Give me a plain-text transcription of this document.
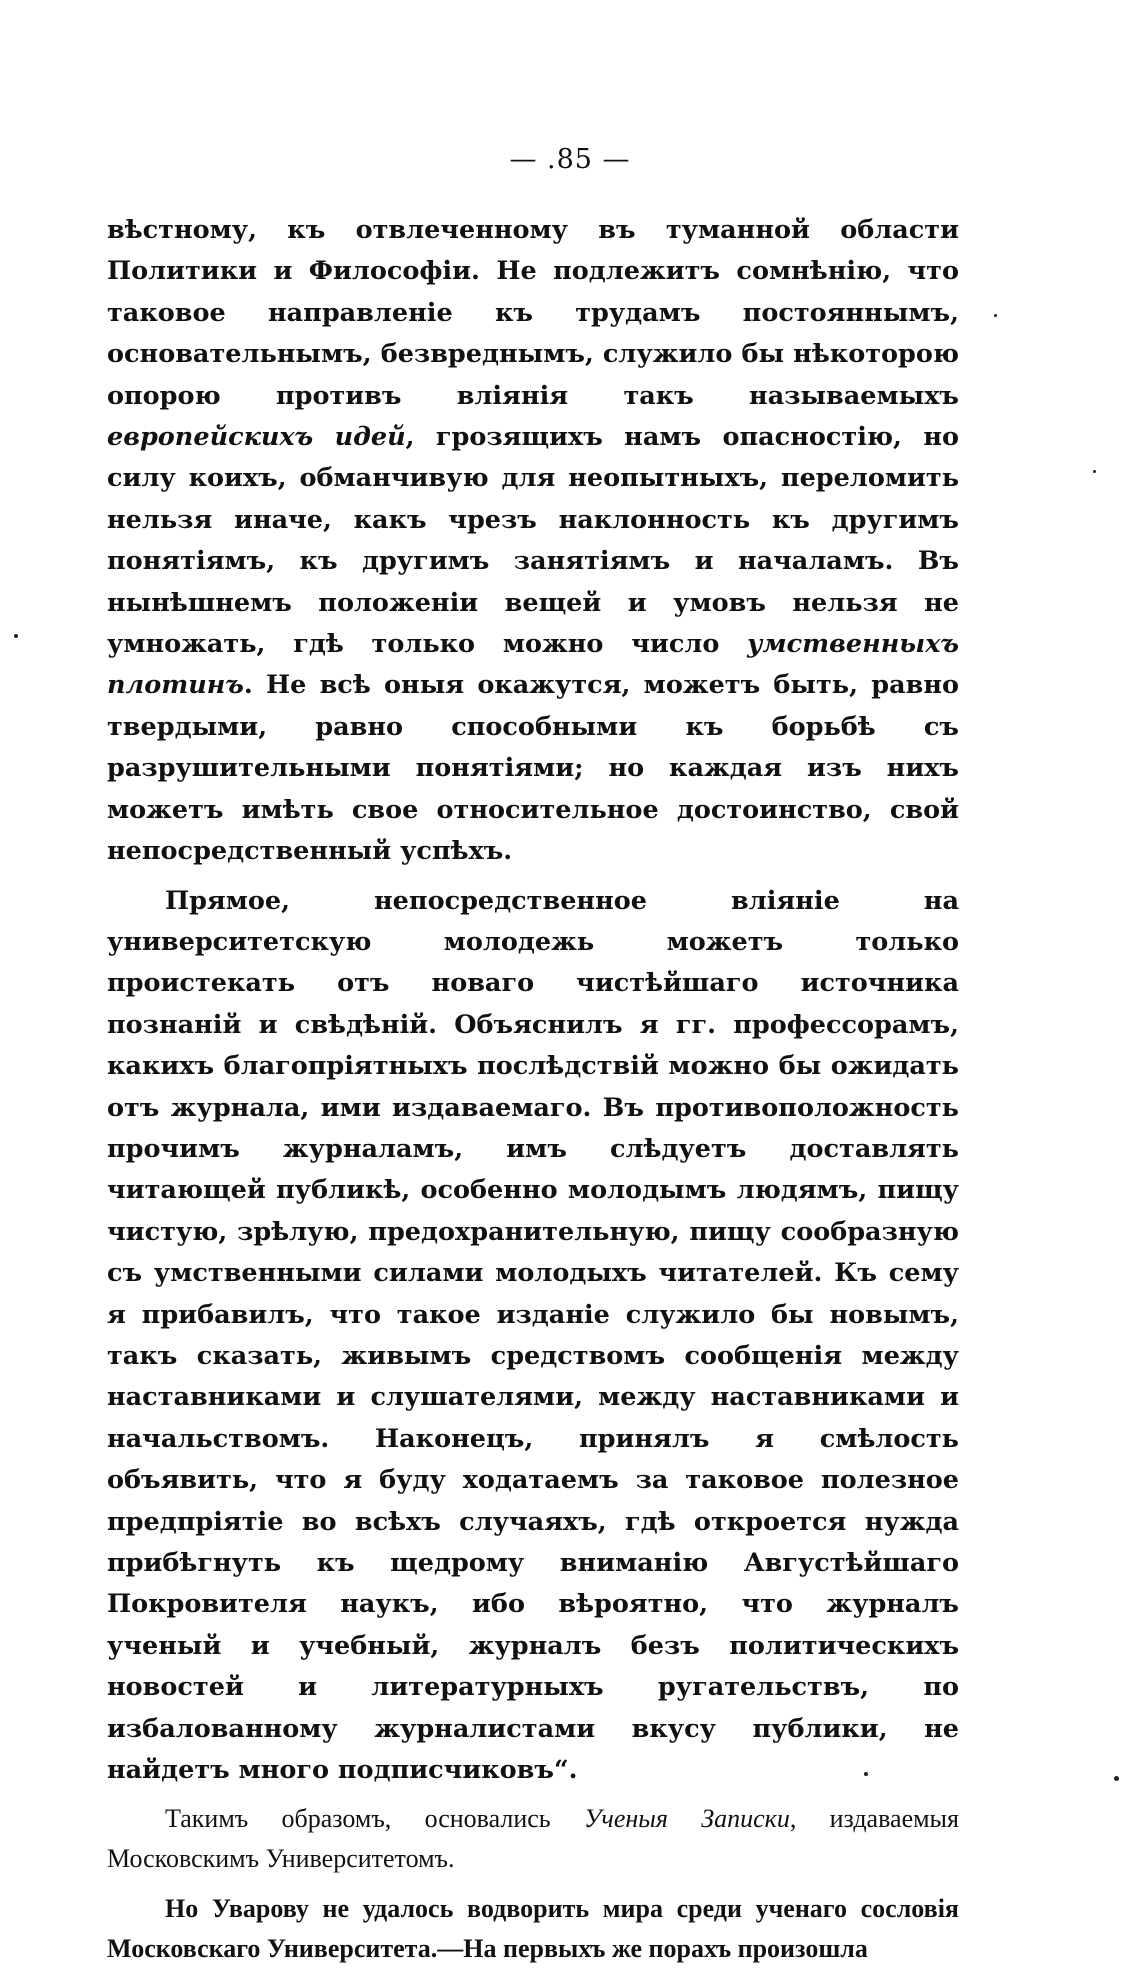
— .85 —

вѣстному, къ отвлеченному въ туманной области Политики и Философіи. Не подлежитъ сомнѣнію, что таковое направленіе къ трудамъ постояннымъ, основательнымъ, безвреднымъ, служило бы нѣкоторою опорою противъ вліянія такъ называемыхъ европейскихъ идей, грозящихъ намъ опасностію, но силу коихъ, обманчивую для неопытныхъ, переломить нельзя иначе, какъ чрезъ наклонность къ другимъ понятіямъ, къ другимъ занятіямъ и началамъ. Въ нынѣшнемъ положеніи вещей и умовъ нельзя не умножать, гдѣ только можно число умственныхъ плотинъ. Не всѣ оныя окажутся, можетъ быть, равно твердыми, равно способными къ борьбѣ съ разрушительными понятіями; но каждая изъ нихъ можетъ имѣть свое относительное достоинство, свой непосредственный успѣхъ.

Прямое, непосредственное вліяніе на университетскую молодежь можетъ только проистекать отъ новаго чистѣйшаго источника познаній и свѣдѣній. Объяснилъ я гг. профессорамъ, какихъ благопріятныхъ послѣдствій можно бы ожидать отъ журнала, ими издаваемаго. Въ противоположность прочимъ журналамъ, имъ слѣдуетъ доставлять читающей публикѣ, особенно молодымъ людямъ, пищу чистую, зрѣлую, предохранительную, пищу сообразную съ умственными силами молодыхъ читателей. Къ сему я прибавилъ, что такое изданіе служило бы новымъ, такъ сказать, живымъ средствомъ сообщенія между наставниками и слушателями, между наставниками и начальствомъ. Наконецъ, принялъ я смѣлость объявить, что я буду ходатаемъ за таковое полезное предпріятіе во всѣхъ случаяхъ, гдѣ откроется нужда прибѣгнуть къ щедрому вниманію Августѣйшаго Покровителя наукъ, ибо вѣроятно, что журналъ ученый и учебный, журналъ безъ политическихъ новостей и литературныхъ ругательствъ, по избалованному журналистами вкусу публики, не найдетъ много подписчиковъ“.

Такимъ образомъ, основались Ученыя Записки, издаваемыя Московскимъ Университетомъ.

Но Уварову не удалось водворить мира среди ученаго сословія Московскаго Университета.—На первыхъ же порахъ произошла
